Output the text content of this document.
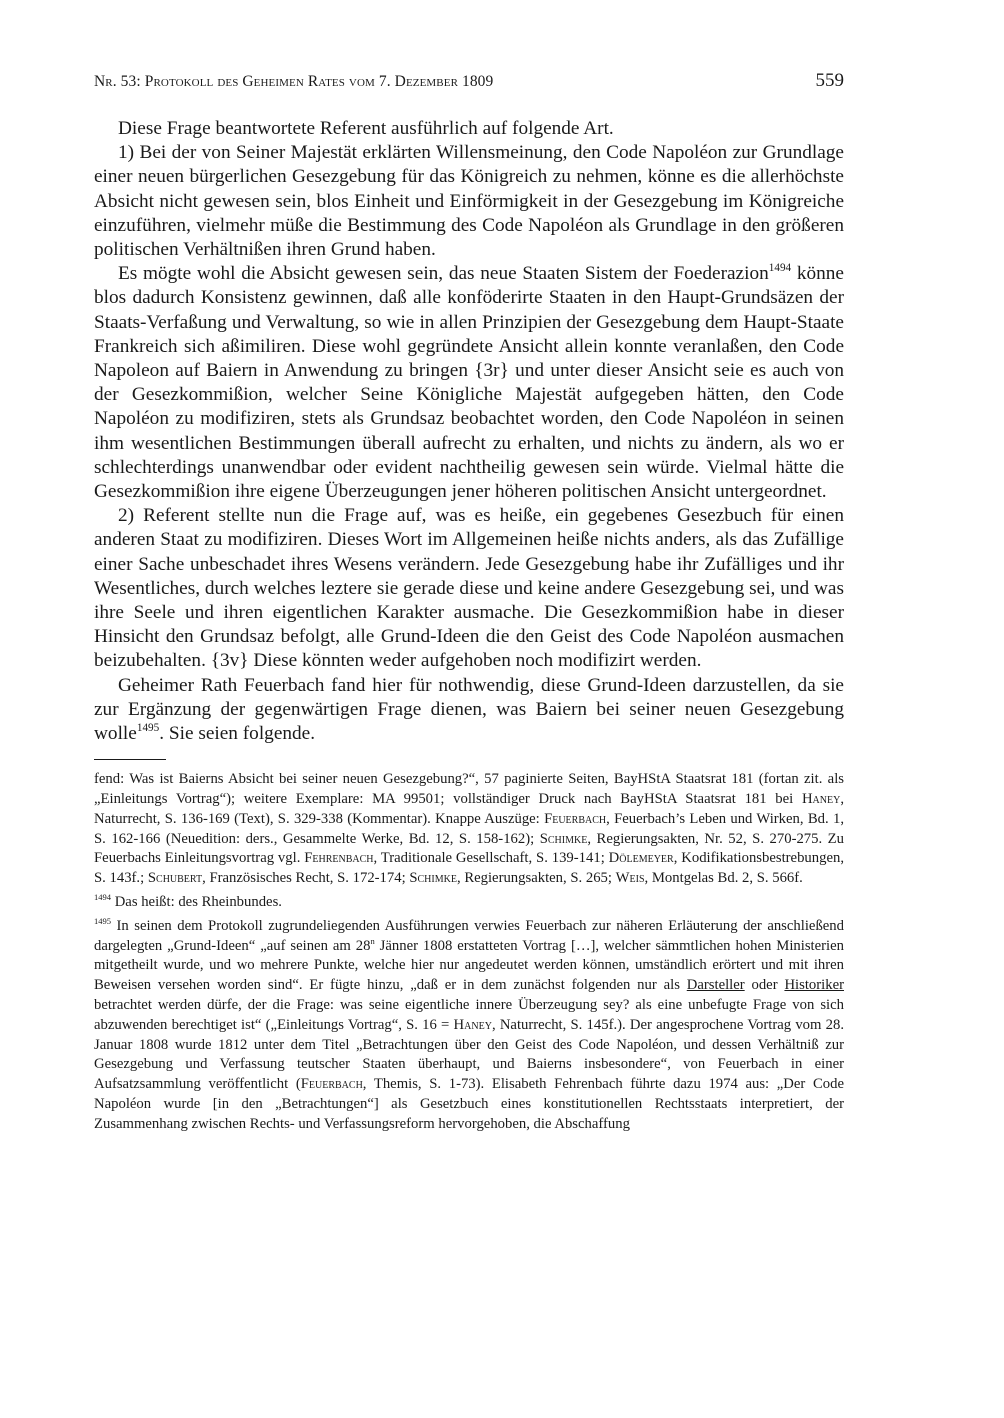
Nr. 53: Protokoll des Geheimen Rates vom 7. Dezember 1809	559

Diese Frage beantwortete Referent ausführlich auf folgende Art.

1) Bei der von Seiner Majestät erklärten Willensmeinung, den Code Napoléon zur Grundlage einer neuen bürgerlichen Gesezgebung für das Königreich zu nehmen, könne es die allerhöchste Absicht nicht gewesen sein, blos Einheit und Einförmigkeit in der Gesezgebung im Königreiche einzuführen, vielmehr müße die Bestimmung des Code Napoléon als Grundlage in den größeren politischen Verhältnißen ihren Grund haben.

Es mögte wohl die Absicht gewesen sein, das neue Staaten Sistem der Foederazion$^{1494}$ könne blos dadurch Konsistenz gewinnen, daß alle konföderirte Staaten in den Haupt-Grundsäzen der Staats-Verfaßung und Verwaltung, so wie in allen Prinzipien der Gesezgebung dem Haupt-Staate Frankreich sich aßimiliren. Diese wohl gegründete Ansicht allein konnte veranlaßen, den Code Napoleon auf Baiern in Anwendung zu bringen {3r} und unter dieser Ansicht seie es auch von der Gesezkommißion, welcher Seine Königliche Majestät aufgegeben hätten, den Code Napoléon zu modifiziren, stets als Grundsaz beobachtet worden, den Code Napoléon in seinen ihm wesentlichen Bestimmungen überall aufrecht zu erhalten, und nichts zu ändern, als wo er schlechterdings unanwendbar oder evident nachtheilig gewesen sein würde. Vielmal hätte die Gesezkommißion ihre eigene Überzeugungen jener höheren politischen Ansicht untergeordnet.

2) Referent stellte nun die Frage auf, was es heiße, ein gegebenes Gesezbuch für einen anderen Staat zu modifiziren. Dieses Wort im Allgemeinen heiße nichts anders, als das Zufällige einer Sache unbeschadet ihres Wesens verändern. Jede Gesezgebung habe ihr Zufälliges und ihr Wesentliches, durch welches leztere sie gerade diese und keine andere Gesezgebung sei, und was ihre Seele und ihren eigentlichen Karakter ausmache. Die Gesezkommißion habe in dieser Hinsicht den Grundsaz befolgt, alle Grund-Ideen die den Geist des Code Napoléon ausmachen beizubehalten. {3v} Diese könnten weder aufgehoben noch modifizirt werden.

Geheimer Rath Feuerbach fand hier für nothwendig, diese Grund-Ideen darzustellen, da sie zur Ergänzung der gegenwärtigen Frage dienen, was Baiern bei seiner neuen Gesezgebung wolle$^{1495}$. Sie seien folgende.

fend: Was ist Baierns Absicht bei seiner neuen Gesezgebung?“, 57 paginierte Seiten, BayHStA Staatsrat 181 (fortan zit. als „Einleitungs Vortrag“); weitere Exemplare: MA 99501; vollständiger Druck nach BayHStA Staatsrat 181 bei Haney, Naturrecht, S. 136-169 (Text), S. 329-338 (Kommentar). Knappe Auszüge: Feuerbach, Feuerbach’s Leben und Wirken, Bd. 1, S. 162-166 (Neuedition: ders., Gesammelte Werke, Bd. 12, S. 158-162); Schimke, Regierungsakten, Nr. 52, S. 270-275. Zu Feuerbachs Einleitungsvortrag vgl. Fehrenbach, Traditionale Gesellschaft, S. 139-141; Dölemeyer, Kodifikationsbestrebungen, S. 143f.; Schubert, Französisches Recht, S. 172-174; Schimke, Regierungsakten, S. 265; Weis, Montgelas Bd. 2, S. 566f.

$^{1494}$ Das heißt: des Rheinbundes.

$^{1495}$ In seinen dem Protokoll zugrundeliegenden Ausführungen verwies Feuerbach zur näheren Erläuterung der anschließend dargelegten „Grund-Ideen“ „auf seinen am 28$^n$ Jänner 1808 erstatteten Vortrag […], welcher sämmtlichen hohen Ministerien mitgetheilt wurde, und wo mehrere Punkte, welche hier nur angedeutet werden können, umständlich erörtert und mit ihren Beweisen versehen worden sind“. Er fügte hinzu, „daß er in dem zunächst folgenden nur als Darsteller oder Historiker betrachtet werden dürfe, der die Frage: was seine eigentliche innere Überzeugung sey? als eine unbefugte Frage von sich abzuwenden berechtiget ist“ („Einleitungs Vortrag“, S. 16 = Haney, Naturrecht, S. 145f.). Der angesprochene Vortrag vom 28. Januar 1808 wurde 1812 unter dem Titel „Betrachtungen über den Geist des Code Napoléon, und dessen Verhältniß zur Gesezgebung und Verfassung teutscher Staaten überhaupt, und Baierns insbesondere“, von Feuerbach in einer Aufsatzsammlung veröffentlicht (Feuerbach, Themis, S. 1-73). Elisabeth Fehrenbach führte dazu 1974 aus: „Der Code Napoléon wurde [in den „Betrachtungen“] als Gesetzbuch eines konstitutionellen Rechtsstaats interpretiert, der Zusammenhang zwischen Rechts- und Verfassungsreform hervorgehoben, die Abschaffung
